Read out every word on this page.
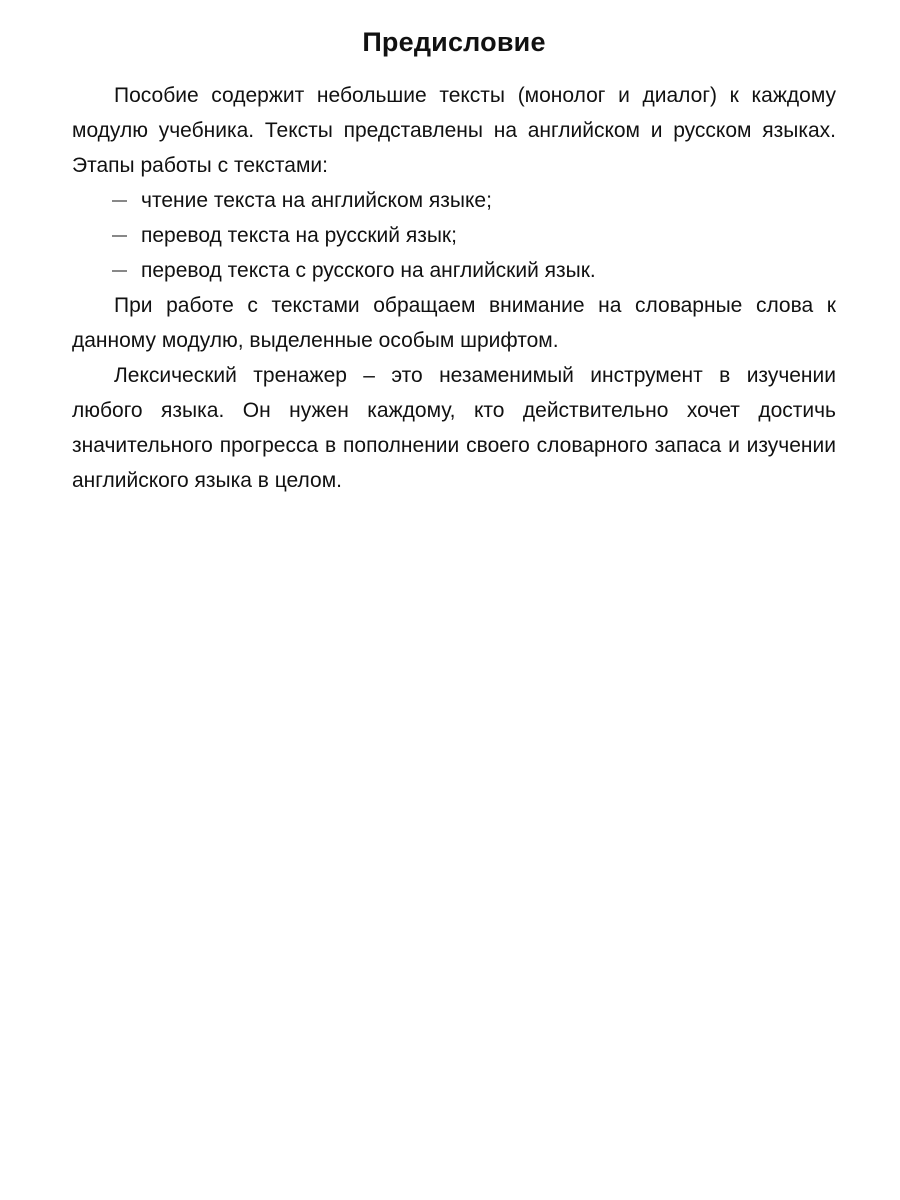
Предисловие

Пособие содержит небольшие тексты (монолог и диалог) к каждому модулю учебника. Тексты представлены на английском и русском языках. Этапы работы с текстами:

— чтение текста на английском языке;
— перевод текста на русский язык;
— перевод текста с русского на английский язык.

При работе с текстами обращаем внимание на словарные слова к данному модулю, выделенные особым шрифтом.

Лексический тренажер – это незаменимый инструмент в изучении любого языка. Он нужен каждому, кто действительно хочет достичь значительного прогресса в пополнении своего словарного запаса и изучении английского языка в целом.
